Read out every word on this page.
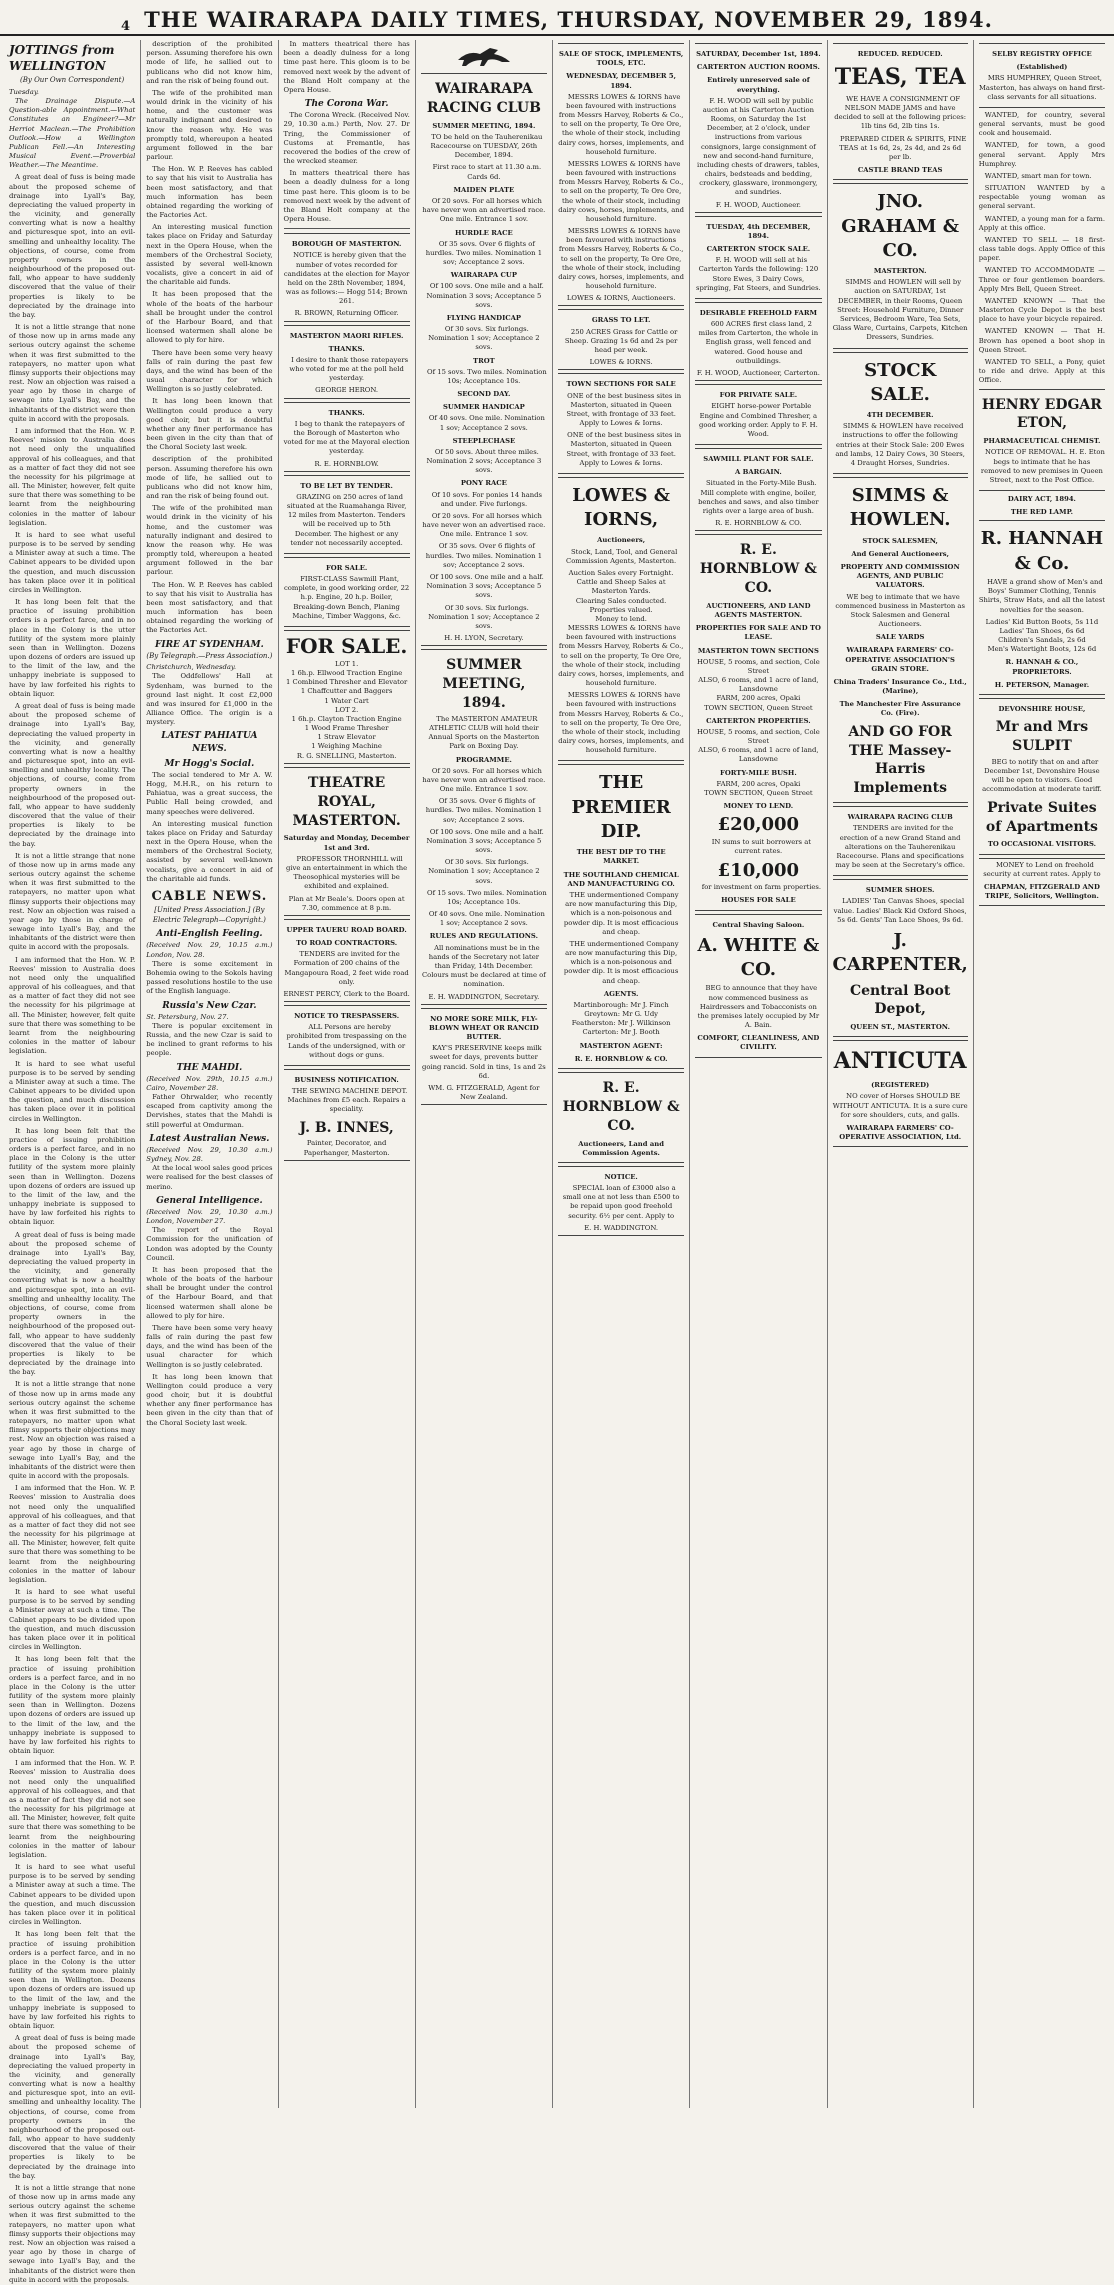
4 THE WAIRARAPA DAILY TIMES, THURSDAY, NOVEMBER 29, 1894.
JOTTINGS from WELLINGTON
(By Our Own Correspondent)
Tuesday.

The Drainage Dispute.—A Question-able Appointment.—What Constitutes an Engineer?—Mr Herriot Maclean.—The Prohibition Outlook.—How a Wellington Publican Fell.—An Interesting Musical Event.—Proverbial Weather.—The Meantime.

A great deal of fuss is being made about the proposed scheme of drainage into Lyall's Bay, depreciating the valued property in the vicinity, and generally converting what is now a healthy and picturesque spot, into an evil-smelling and unhealthy locality. The objections, of course, come from property owners in the neighbourhood of the proposed out-fall, who appear to have suddenly discovered that the value of their properties is likely to be depreciated by the drainage into the bay.

It is not a little strange that none of those now up in arms made any serious outcry against the scheme when it was first submitted to the ratepayers, no matter upon what flimsy supports their objections may rest. Now an objection was raised a year ago by those in charge of sewage into Lyall's Bay, and the inhabitants of the district were then quite in accord with the proposals.

I am informed that the Hon. W. P. Reeves' mission to Australia does not need only the unqualified approval of his colleagues, and that as a matter of fact they did not see the necessity for his pilgrimage at all. The Minister, however, felt quite sure that there was something to be learnt from the neighbouring colonies in the matter of labour legislation.

It is hard to see what useful purpose is to be served by sending a Minister away at such a time. The Cabinet appears to be divided upon the question, and much discussion has taken place over it in political circles in Wellington.

It has long been felt that the practice of issuing prohibition orders is a perfect farce, and in no place in the Colony is the utter futility of the system more plainly seen than in Wellington. Dozens upon dozens of orders are issued up to the limit of the law, and the unhappy inebriate is supposed to have by law forfeited his rights to obtain liquor.

A great deal of fuss is being made about the proposed scheme of drainage into Lyall's Bay, depreciating the valued property in the vicinity, and generally converting what is now a healthy and picturesque spot, into an evil-smelling and unhealthy locality. The objections, of course, come from property owners in the neighbourhood of the proposed out-fall, who appear to have suddenly discovered that the value of their properties is likely to be depreciated by the drainage into the bay.

It is not a little strange that none of those now up in arms made any serious outcry against the scheme when it was first submitted to the ratepayers, no matter upon what flimsy supports their objections may rest. Now an objection was raised a year ago by those in charge of sewage into Lyall's Bay, and the inhabitants of the district were then quite in accord with the proposals.

I am informed that the Hon. W. P. Reeves' mission to Australia does not need only the unqualified approval of his colleagues, and that as a matter of fact they did not see the necessity for his pilgrimage at all. The Minister, however, felt quite sure that there was something to be learnt from the neighbouring colonies in the matter of labour legislation.

It is hard to see what useful purpose is to be served by sending a Minister away at such a time. The Cabinet appears to be divided upon the question, and much discussion has taken place over it in political circles in Wellington.

It has long been felt that the practice of issuing prohibition orders is a perfect farce, and in no place in the Colony is the utter futility of the system more plainly seen than in Wellington. Dozens upon dozens of orders are issued up to the limit of the law, and the unhappy inebriate is supposed to have by law forfeited his rights to obtain liquor.

A great deal of fuss is being made about the proposed scheme of drainage into Lyall's Bay, depreciating the valued property in the vicinity, and generally converting what is now a healthy and picturesque spot, into an evil-smelling and unhealthy locality. The objections, of course, come from property owners in the neighbourhood of the proposed out-fall, who appear to have suddenly discovered that the value of their properties is likely to be depreciated by the drainage into the bay.

It is not a little strange that none of those now up in arms made any serious outcry against the scheme when it was first submitted to the ratepayers, no matter upon what flimsy supports their objections may rest. Now an objection was raised a year ago by those in charge of sewage into Lyall's Bay, and the inhabitants of the district were then quite in accord with the proposals.

I am informed that the Hon. W. P. Reeves' mission to Australia does not need only the unqualified approval of his colleagues, and that as a matter of fact they did not see the necessity for his pilgrimage at all. The Minister, however, felt quite sure that there was something to be learnt from the neighbouring colonies in the matter of labour legislation.

It is hard to see what useful purpose is to be served by sending a Minister away at such a time. The Cabinet appears to be divided upon the question, and much discussion has taken place over it in political circles in Wellington.

It has long been felt that the practice of issuing prohibition orders is a perfect farce, and in no place in the Colony is the utter futility of the system more plainly seen than in Wellington. Dozens upon dozens of orders are issued up to the limit of the law, and the unhappy inebriate is supposed to have by law forfeited his rights to obtain liquor.

I am informed that the Hon. W. P. Reeves' mission to Australia does not need only the unqualified approval of his colleagues, and that as a matter of fact they did not see the necessity for his pilgrimage at all. The Minister, however, felt quite sure that there was something to be learnt from the neighbouring colonies in the matter of labour legislation.

It is hard to see what useful purpose is to be served by sending a Minister away at such a time. The Cabinet appears to be divided upon the question, and much discussion has taken place over it in political circles in Wellington.

It has long been felt that the practice of issuing prohibition orders is a perfect farce, and in no place in the Colony is the utter futility of the system more plainly seen than in Wellington. Dozens upon dozens of orders are issued up to the limit of the law, and the unhappy inebriate is supposed to have by law forfeited his rights to obtain liquor.

A great deal of fuss is being made about the proposed scheme of drainage into Lyall's Bay, depreciating the valued property in the vicinity, and generally converting what is now a healthy and picturesque spot, into an evil-smelling and unhealthy locality. The objections, of course, come from property owners in the neighbourhood of the proposed out-fall, who appear to have suddenly discovered that the value of their properties is likely to be depreciated by the drainage into the bay.

It is not a little strange that none of those now up in arms made any serious outcry against the scheme when it was first submitted to the ratepayers, no matter upon what flimsy supports their objections may rest. Now an objection was raised a year ago by those in charge of sewage into Lyall's Bay, and the inhabitants of the district were then quite in accord with the proposals.

description of the prohibited person. Assuming therefore his own mode of life, he sallied out to publicans who did not know him, and ran the risk of being found out.

The wife of the prohibited man would drink in the vicinity of his home, and the customer was naturally indignant and desired to know the reason why. He was promptly told, whereupon a heated argument followed in the bar parlour.

The Hon. W. P. Reeves has cabled to say that his visit to Australia has been most satisfactory, and that much information has been obtained regarding the working of the Factories Act.

An interesting musical function takes place on Friday and Saturday next in the Opera House, when the members of the Orchestral Society, assisted by several well-known vocalists, give a concert in aid of the charitable aid funds.

It has been proposed that the whole of the boats of the harbour shall be brought under the control of the Harbour Board, and that licensed watermen shall alone be allowed to ply for hire.

There have been some very heavy falls of rain during the past few days, and the wind has been of the usual character for which Wellington is so justly celebrated.

It has long been known that Wellington could produce a very good choir, but it is doubtful whether any finer performance has been given in the city than that of the Choral Society last week.

description of the prohibited person. Assuming therefore his own mode of life, he sallied out to publicans who did not know him, and ran the risk of being found out.

The wife of the prohibited man would drink in the vicinity of his home, and the customer was naturally indignant and desired to know the reason why. He was promptly told, whereupon a heated argument followed in the bar parlour.

The Hon. W. P. Reeves has cabled to say that his visit to Australia has been most satisfactory, and that much information has been obtained regarding the working of the Factories Act.

FIRE AT SYDENHAM.
(By Telegraph.—Press Association.)
Christchurch, Wednesday.

The Oddfellows' Hall at Sydenham, was burned to the ground last night. It cost £2,000 and was insured for £1,000 in the Alliance Office. The origin is a mystery.

LATEST PAHIATUA NEWS.
Mr Hogg's Social.

The social tendered to Mr A. W. Hogg, M.H.R., on his return to Pahiatua, was a great success, the Public Hall being crowded, and many speeches were delivered.

An interesting musical function takes place on Friday and Saturday next in the Opera House, when the members of the Orchestral Society, assisted by several well-known vocalists, give a concert in aid of the charitable aid funds.

CABLE NEWS.
[United Press Association.] (By Electric Telegraph—Copyright.)
Anti-English Feeling.
(Received Nov. 29, 10.15 a.m.) London, Nov. 28.

There is some excitement in Bohemia owing to the Sokols having passed resolutions hostile to the use of the English language.

Russia's New Czar.
St. Petersburg, Nov. 27.

There is popular excitement in Russia, and the new Czar is said to be inclined to grant reforms to his people.

THE MAHDI.
(Received Nov. 29th, 10.15 a.m.) Cairo, November 28.

Father Ohrwalder, who recently escaped from captivity among the Dervishes, states that the Mahdi is still powerful at Omdurman.

Latest Australian News.
(Received Nov. 29, 10.30 a.m.) Sydney, Nov. 28.

At the local wool sales good prices were realised for the best classes of merino.

General Intelligence.
(Received Nov. 29, 10.30 a.m.) London, November 27.

The report of the Royal Commission for the unification of London was adopted by the County Council.

It has been proposed that the whole of the boats of the harbour shall be brought under the control of the Harbour Board, and that licensed watermen shall alone be allowed to ply for hire.

There have been some very heavy falls of rain during the past few days, and the wind has been of the usual character for which Wellington is so justly celebrated.

It has long been known that Wellington could produce a very good choir, but it is doubtful whether any finer performance has been given in the city than that of the Choral Society last week.

In matters theatrical there has been a deadly dulness for a long time past here. This gloom is to be removed next week by the advent of the Bland Holt company at the Opera House.

The Corona War.

The Corona Wreck. (Received Nov. 29, 10.30 a.m.) Perth, Nov. 27. Dr Tring, the Commissioner of Customs at Fremantle, has recovered the bodies of the crew of the wrecked steamer.

In matters theatrical there has been a deadly dulness for a long time past here. This gloom is to be removed next week by the advent of the Bland Holt company at the Opera House.

BOROUGH OF MASTERTON.

NOTICE is hereby given that the number of votes recorded for candidates at the election for Mayor held on the 28th November, 1894, was as follows:— Hogg 514; Brown 261.

R. BROWN, Returning Officer.
MASTERTON MAORI RIFLES.
THANKS.

I desire to thank those ratepayers who voted for me at the poll held yesterday.

GEORGE HERON.
THANKS.

I beg to thank the ratepayers of the Borough of Masterton who voted for me at the Mayoral election yesterday.

R. E. HORNBLOW.
TO BE LET BY TENDER.

GRAZING on 250 acres of land situated at the Ruamahanga River, 12 miles from Masterton. Tenders will be received up to 5th December. The highest or any tender not necessarily accepted.

FOR SALE.

FIRST-CLASS Sawmill Plant, complete, in good working order, 22 h.p. Engine, 20 h.p. Boiler, Breaking-down Bench, Planing Machine, Timber Waggons, &c.

FOR SALE.
LOT 1.
1 6h.p. Ellwood Traction Engine
1 Combined Thresher and Elevator
1 Chaffcutter and Baggers
1 Water Cart
LOT 2.
1 6h.p. Clayton Traction Engine
1 Wood Frame Thresher
1 Straw Elevator
1 Weighing Machine
R. G. SNELLING, Masterton.
THEATRE ROYAL, MASTERTON.
Saturday and Monday, December 1st and 3rd.

PROFESSOR THORNHILL will give an entertainment in which the Theosophical mysteries will be exhibited and explained.

Plan at Mr Beale's. Doors open at 7.30, commence at 8 p.m.
UPPER TAUERU ROAD BOARD.
TO ROAD CONTRACTORS.

TENDERS are invited for the Formation of 200 chains of the Mangapoura Road, 2 feet wide road only.

ERNEST PERCY, Clerk to the Board.
NOTICE TO TRESPASSERS.

ALL Persons are hereby prohibited from trespassing on the Lands of the undersigned, with or without dogs or guns.

BUSINESS NOTIFICATION.

THE SEWING MACHINE DEPOT. Machines from £5 each. Repairs a speciality.

J. B. INNES,
Painter, Decorator, and Paperhanger, Masterton.
WAIRARAPA RACING CLUB
SUMMER MEETING, 1894.

TO be held on the Tauherenikau Racecourse on TUESDAY, 26th December, 1894.

First race to start at 11.30 a.m. Cards 6d.

MAIDEN PLATE

Of 20 sovs. For all horses which have never won an advertised race. One mile. Entrance 1 sov.

HURDLE RACE

Of 35 sovs. Over 6 flights of hurdles. Two miles. Nomination 1 sov; Acceptance 2 sovs.

WAIRARAPA CUP

Of 100 sovs. One mile and a half. Nomination 3 sovs; Acceptance 5 sovs.

FLYING HANDICAP

Of 30 sovs. Six furlongs. Nomination 1 sov; Acceptance 2 sovs.

TROT

Of 15 sovs. Two miles. Nomination 10s; Acceptance 10s.

SECOND DAY.
SUMMER HANDICAP

Of 40 sovs. One mile. Nomination 1 sov; Acceptance 2 sovs.

STEEPLECHASE

Of 50 sovs. About three miles. Nomination 2 sovs; Acceptance 3 sovs.

PONY RACE

Of 10 sovs. For ponies 14 hands and under. Five furlongs.

Of 20 sovs. For all horses which have never won an advertised race. One mile. Entrance 1 sov.

Of 35 sovs. Over 6 flights of hurdles. Two miles. Nomination 1 sov; Acceptance 2 sovs.

Of 100 sovs. One mile and a half. Nomination 3 sovs; Acceptance 5 sovs.

Of 30 sovs. Six furlongs. Nomination 1 sov; Acceptance 2 sovs.

H. H. LYON, Secretary.
SUMMER MEETING, 1894.

The MASTERTON AMATEUR ATHLETIC CLUB will hold their Annual Sports on the Masterton Park on Boxing Day.

PROGRAMME.

Of 20 sovs. For all horses which have never won an advertised race. One mile. Entrance 1 sov.

Of 35 sovs. Over 6 flights of hurdles. Two miles. Nomination 1 sov; Acceptance 2 sovs.

Of 100 sovs. One mile and a half. Nomination 3 sovs; Acceptance 5 sovs.

Of 30 sovs. Six furlongs. Nomination 1 sov; Acceptance 2 sovs.

Of 15 sovs. Two miles. Nomination 10s; Acceptance 10s.

Of 40 sovs. One mile. Nomination 1 sov; Acceptance 2 sovs.

RULES AND REGULATIONS.

All nominations must be in the hands of the Secretary not later than Friday, 14th December. Colours must be declared at time of nomination.

E. H. WADDINGTON, Secretary.
NO MORE SORE MILK, FLY-BLOWN WHEAT OR RANCID BUTTER.

KAY'S PRESERVINE keeps milk sweet for days, prevents butter going rancid. Sold in tins, 1s and 2s 6d.

WM. G. FITZGERALD, Agent for New Zealand.
SALE OF STOCK, IMPLEMENTS, TOOLS, ETC.
WEDNESDAY, DECEMBER 5, 1894.

MESSRS LOWES & IORNS have been favoured with instructions from Messrs Harvey, Roberts & Co., to sell on the property, Te Ore Ore, the whole of their stock, including dairy cows, horses, implements, and household furniture.

MESSRS LOWES & IORNS have been favoured with instructions from Messrs Harvey, Roberts & Co., to sell on the property, Te Ore Ore, the whole of their stock, including dairy cows, horses, implements, and household furniture.

MESSRS LOWES & IORNS have been favoured with instructions from Messrs Harvey, Roberts & Co., to sell on the property, Te Ore Ore, the whole of their stock, including dairy cows, horses, implements, and household furniture.

LOWES & IORNS, Auctioneers.
GRASS TO LET.

250 ACRES Grass for Cattle or Sheep. Grazing 1s 6d and 2s per head per week.

LOWES & IORNS.
TOWN SECTIONS FOR SALE

ONE of the best business sites in Masterton, situated in Queen Street, with frontage of 33 feet. Apply to Lowes & Iorns.

ONE of the best business sites in Masterton, situated in Queen Street, with frontage of 33 feet. Apply to Lowes & Iorns.

LOWES & IORNS,
Auctioneers,

Stock, Land, Tool, and General Commission Agents, Masterton.

Auction Sales every Fortnight.
Cattle and Sheep Sales at Masterton Yards.
Clearing Sales conducted.
Properties valued.
Money to lend.

MESSRS LOWES & IORNS have been favoured with instructions from Messrs Harvey, Roberts & Co., to sell on the property, Te Ore Ore, the whole of their stock, including dairy cows, horses, implements, and household furniture.

MESSRS LOWES & IORNS have been favoured with instructions from Messrs Harvey, Roberts & Co., to sell on the property, Te Ore Ore, the whole of their stock, including dairy cows, horses, implements, and household furniture.

THE PREMIER DIP.
THE BEST DIP TO THE MARKET.
THE SOUTHLAND CHEMICAL AND MANUFACTURING CO.

THE undermentioned Company are now manufacturing this Dip, which is a non-poisonous and powder dip. It is most efficacious and cheap.

THE undermentioned Company are now manufacturing this Dip, which is a non-poisonous and powder dip. It is most efficacious and cheap.

AGENTS.
Martinborough: Mr J. Finch
Greytown: Mr G. Udy
Featherston: Mr J. Wilkinson
Carterton: Mr J. Booth
MASTERTON AGENT:
R. E. HORNBLOW & CO.
R. E. HORNBLOW & CO.
Auctioneers, Land and Commission Agents.
NOTICE.

SPECIAL loan of £3000 also a small one at not less than £500 to be repaid upon good freehold security. 6½ per cent. Apply to

E. H. WADDINGTON.
SATURDAY, December 1st, 1894.
CARTERTON AUCTION ROOMS.
Entirely unreserved sale of everything.

F. H. WOOD will sell by public auction at his Carterton Auction Rooms, on Saturday the 1st December, at 2 o'clock, under instructions from various consignors, large consignment of new and second-hand furniture, including chests of drawers, tables, chairs, bedsteads and bedding, crockery, glassware, ironmongery, and sundries.

F. H. WOOD, Auctioneer.
TUESDAY, 4th DECEMBER, 1894.
CARTERTON STOCK SALE.

F. H. WOOD will sell at his Carterton Yards the following: 120 Store Ewes, 3 Dairy Cows, springing, Fat Steers, and Sundries.

DESIRABLE FREEHOLD FARM

600 ACRES first class land, 2 miles from Carterton, the whole in English grass, well fenced and watered. Good house and outbuildings.

F. H. WOOD, Auctioneer, Carterton.
FOR PRIVATE SALE.

EIGHT horse-power Portable Engine and Combined Thresher, a good working order. Apply to F. H. Wood.

SAWMILL PLANT FOR SALE.
A BARGAIN.

Situated in the Forty-Mile Bush. Mill complete with engine, boiler, benches and saws, and also timber rights over a large area of bush.

R. E. HORNBLOW & CO.
R. E. HORNBLOW & CO.
AUCTIONEERS, AND LAND AGENTS MASTERTON.
PROPERTIES FOR SALE AND TO LEASE.
MASTERTON TOWN SECTIONS
HOUSE, 5 rooms, and section, Cole Street
ALSO, 6 rooms, and 1 acre of land, Lansdowne
FARM, 200 acres, Opaki
TOWN SECTION, Queen Street
CARTERTON PROPERTIES.
HOUSE, 5 rooms, and section, Cole Street
ALSO, 6 rooms, and 1 acre of land, Lansdowne
FORTY-MILE BUSH.
FARM, 200 acres, Opaki
TOWN SECTION, Queen Street
MONEY TO LEND.
£20,000

IN sums to suit borrowers at current rates.

£10,000

for investment on farm properties.

HOUSES FOR SALE
Central Shaving Saloon.
A. WHITE & CO.

BEG to announce that they have now commenced business as Hairdressers and Tobacconists on the premises lately occupied by Mr A. Bain.

COMFORT, CLEANLINESS, AND CIVILITY.
REDUCED. REDUCED.
TEAS, TEA

WE HAVE A CONSIGNMENT OF NELSON MADE JAMS and have decided to sell at the following prices: 1lb tins 6d, 2lb tins 1s.

PREPARED CIDER & SPIRITS, FINE TEAS at 1s 6d, 2s, 2s 4d, and 2s 6d per lb.

CASTLE BRAND TEAS
JNO. GRAHAM & CO.
MASTERTON.

SIMMS and HOWLEN will sell by auction on SATURDAY, 1st DECEMBER, in their Rooms, Queen Street: Household Furniture, Dinner Services, Bedroom Ware, Tea Sets, Glass Ware, Curtains, Carpets, Kitchen Dressers, Sundries.

STOCK SALE.
4TH DECEMBER.

SIMMS & HOWLEN have received instructions to offer the following entries at their Stock Sale: 200 Ewes and lambs, 12 Dairy Cows, 30 Steers, 4 Draught Horses, Sundries.

SIMMS & HOWLEN.
STOCK SALESMEN,
And General Auctioneers,
PROPERTY AND COMMISSION AGENTS, AND PUBLIC VALUATORS.

WE beg to intimate that we have commenced business in Masterton as Stock Salesmen and General Auctioneers.

SALE YARDS
WAIRARAPA FARMERS' CO-OPERATIVE ASSOCIATION'S GRAIN STORE.
China Traders' Insurance Co., Ltd., (Marine),
The Manchester Fire Assurance Co. (Fire).
AND GO FOR THE Massey-Harris Implements
WAIRARAPA RACING CLUB

TENDERS are invited for the erection of a new Grand Stand and alterations on the Tauherenikau Racecourse. Plans and specifications may be seen at the Secretary's office.

SUMMER SHOES.

LADIES' Tan Canvas Shoes, special value. Ladies' Black Kid Oxford Shoes, 5s 6d. Gents' Tan Lace Shoes, 9s 6d.

J. CARPENTER,
Central Boot Depot,
QUEEN ST., MASTERTON.
ANTICUTA
(REGISTERED)

NO cover of Horses SHOULD BE WITHOUT ANTICUTA. It is a sure cure for sore shoulders, cuts, and galls.

WAIRARAPA FARMERS' CO-OPERATIVE ASSOCIATION, Ltd.
SELBY REGISTRY OFFICE
(Established)

MRS HUMPHREY, Queen Street, Masterton, has always on hand first-class servants for all situations.

WANTED, for country, several general servants, must be good cook and housemaid.

WANTED, for town, a good general servant. Apply Mrs Humphrey.

WANTED, smart man for town.

SITUATION WANTED by a respectable young woman as general servant.

WANTED, a young man for a farm. Apply at this office.

WANTED TO SELL — 18 first-class table dogs. Apply Office of this paper.

WANTED TO ACCOMMODATE — Three or four gentlemen boarders. Apply Mrs Bell, Queen Street.

WANTED KNOWN — That the Masterton Cycle Depot is the best place to have your bicycle repaired.

WANTED KNOWN — That H. Brown has opened a boot shop in Queen Street.

WANTED TO SELL, a Pony, quiet to ride and drive. Apply at this Office.

HENRY EDGAR ETON,
PHARMACEUTICAL CHEMIST.

NOTICE OF REMOVAL. H. E. Eton begs to intimate that he has removed to new premises in Queen Street, next to the Post Office.

DAIRY ACT, 1894.
THE RED LAMP.
R. HANNAH & Co.

HAVE a grand show of Men's and Boys' Summer Clothing, Tennis Shirts, Straw Hats, and all the latest novelties for the season.

Ladies' Kid Button Boots, 5s 11d
Ladies' Tan Shoes, 6s 6d
Children's Sandals, 2s 6d
Men's Watertight Boots, 12s 6d
R. HANNAH & CO., PROPRIETORS.
H. PETERSON, Manager.
DEVONSHIRE HOUSE,
Mr and Mrs SULPIT

BEG to notify that on and after December 1st, Devonshire House will be open to visitors. Good accommodation at moderate tariff.

Private Suites of Apartments
TO OCCASIONAL VISITORS.

MONEY to Lend on freehold security at current rates. Apply to

CHAPMAN, FITZGERALD AND TRIPE, Solicitors, Wellington.
